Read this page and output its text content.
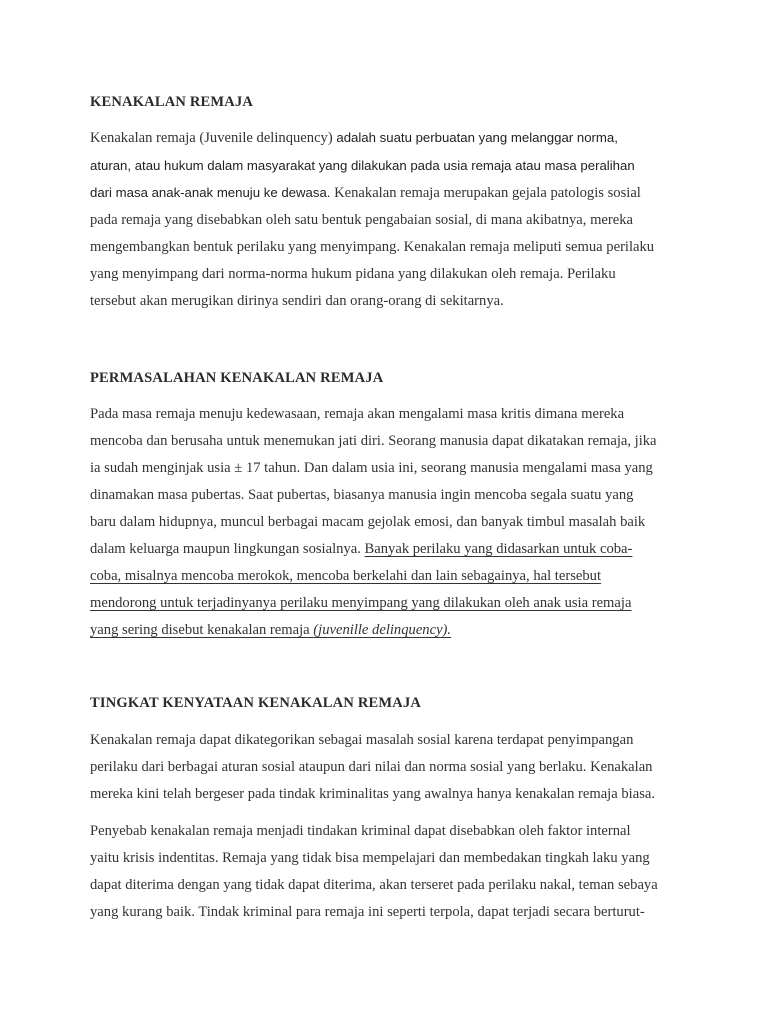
KENAKALAN REMAJA
Kenakalan remaja (Juvenile delinquency) adalah suatu perbuatan yang melanggar norma,
aturan, atau hukum dalam masyarakat yang dilakukan pada usia remaja atau masa peralihan
dari masa anak-anak menuju ke dewasa. Kenakalan remaja merupakan gejala patologis sosial
pada remaja yang disebabkan oleh satu bentuk pengabaian sosial, di mana akibatnya, mereka
mengembangkan bentuk perilaku yang menyimpang. Kenakalan remaja meliputi semua perilaku
yang menyimpang dari norma-norma hukum pidana yang dilakukan oleh remaja. Perilaku
tersebut akan merugikan dirinya sendiri dan orang-orang di sekitarnya.
PERMASALAHAN KENAKALAN REMAJA
Pada masa remaja menuju kedewasaan, remaja akan mengalami masa kritis dimana mereka
mencoba dan berusaha untuk menemukan jati diri. Seorang manusia dapat dikatakan remaja, jika
ia sudah menginjak usia ± 17 tahun. Dan dalam usia ini, seorang manusia mengalami masa yang
dinamakan masa pubertas. Saat pubertas, biasanya manusia ingin mencoba segala suatu yang
baru dalam hidupnya, muncul berbagai macam gejolak emosi, dan banyak timbul masalah baik
dalam keluarga maupun lingkungan sosialnya. Banyak perilaku yang didasarkan untuk coba-
coba, misalnya mencoba merokok, mencoba berkelahi dan lain sebagainya, hal tersebut
mendorong untuk terjadinyanya perilaku menyimpang yang dilakukan oleh anak usia remaja
yang sering disebut kenakalan remaja (juvenille delinquency).
TINGKAT KENYATAAN KENAKALAN REMAJA
Kenakalan remaja dapat dikategorikan sebagai masalah sosial karena terdapat penyimpangan
perilaku dari berbagai aturan sosial ataupun dari nilai dan norma sosial yang berlaku. Kenakalan
mereka kini telah bergeser pada tindak kriminalitas yang awalnya hanya kenakalan remaja biasa.
Penyebab kenakalan remaja menjadi tindakan kriminal dapat disebabkan oleh faktor internal
yaitu krisis indentitas. Remaja yang tidak bisa mempelajari dan membedakan tingkah laku yang
dapat diterima dengan yang tidak dapat diterima, akan terseret pada perilaku nakal, teman sebaya
yang kurang baik. Tindak kriminal para remaja ini seperti terpola, dapat terjadi secara berturut-
